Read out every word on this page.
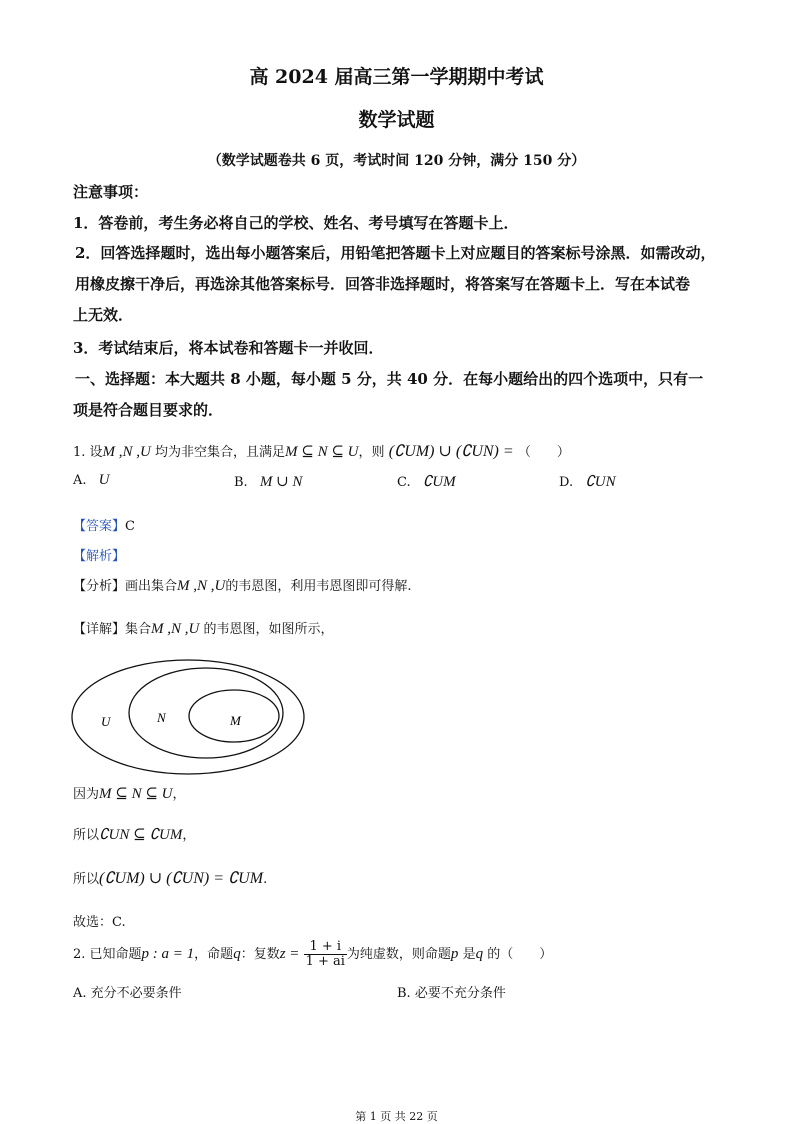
高 2024 届高三第一学期期中考试
数学试题
（数学试题卷共 6 页，考试时间 120 分钟，满分 150 分）
注意事项：
1．答卷前，考生务必将自己的学校、姓名、考号填写在答题卡上．
2．回答选择题时，选出每小题答案后，用铅笔把答题卡上对应题目的答案标号涂黑．如需改动，
用橡皮擦干净后，再选涂其他答案标号．回答非选择题时，将答案写在答题卡上．写在本试卷
上无效．
3．考试结束后，将本试卷和答题卡一并收回．
一、选择题：本大题共 8 小题，每小题 5 分，共 40 分．在每小题给出的四个选项中，只有一
项是符合题目要求的．
1. 设M ,N ,U 均为非空集合，且满足M ⊆ N ⊆ U，则 (∁UM) ∪ (∁UN) = （　　）
A. U	B. M ∪ N	C. ∁UM	D. ∁UN
【答案】C
【解析】
【分析】画出集合M ,N ,U的韦恩图，利用韦恩图即可得解.
【详解】集合M ,N ,U 的韦恩图，如图所示，
U	N	M
因为M ⊆ N ⊆ U，
所以∁UN ⊆ ∁UM，
所以(∁UM) ∪ (∁UN) = ∁UM.
故选：C.
2. 已知命题p : a = 1，命题q：复数$z = \frac{1 + i}{1 + ai}$ 为纯虚数，则命题p 是q 的（　　）
A. 充分不必要条件	B. 必要不充分条件
第 1 页 共 22 页
